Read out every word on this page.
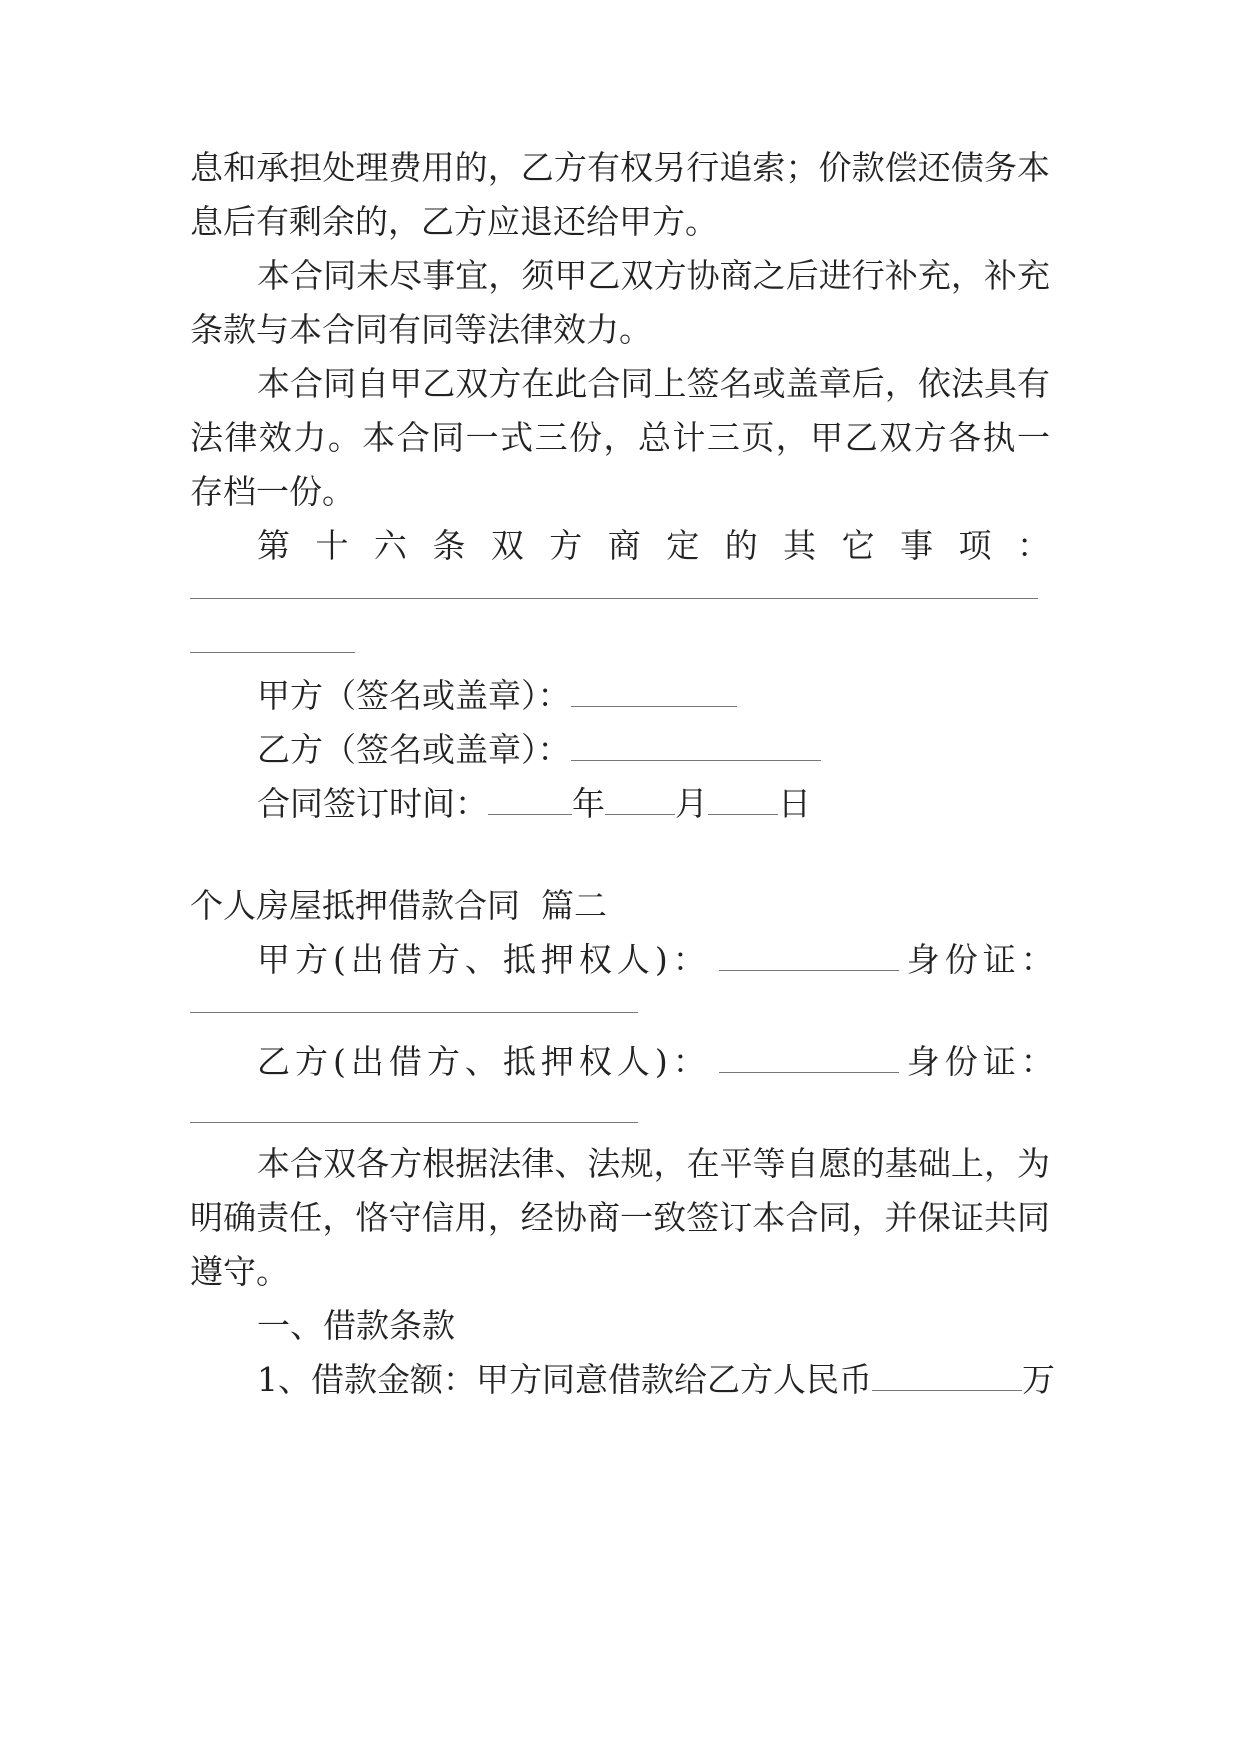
息和承担处理费用的，乙方有权另行追索；价款偿还债务本
息后有剩余的，乙方应退还给甲方。
本合同未尽事宜，须甲乙双方协商之后进行补充，补充
条款与本合同有同等法律效力。
本合同自甲乙双方在此合同上签名或盖章后，依法具有
法律效力。本合同一式三份，总计三页，甲乙双方各执一
存档一份。
第十六条双方商定的其它事项：
甲方（签名或盖章）：
乙方（签名或盖章）：
合同签订时间：	年 月 日
个人房屋抵押借款合同  篇二
甲方(出借方、抵押权人)：	身份证：
乙方(出借方、抵押权人)：	身份证：
本合双各方根据法律、法规，在平等自愿的基础上，为
明确责任，恪守信用，经协商一致签订本合同，并保证共同
遵守。
一、借款条款
1、借款金额：甲方同意借款给乙方人民币	万
